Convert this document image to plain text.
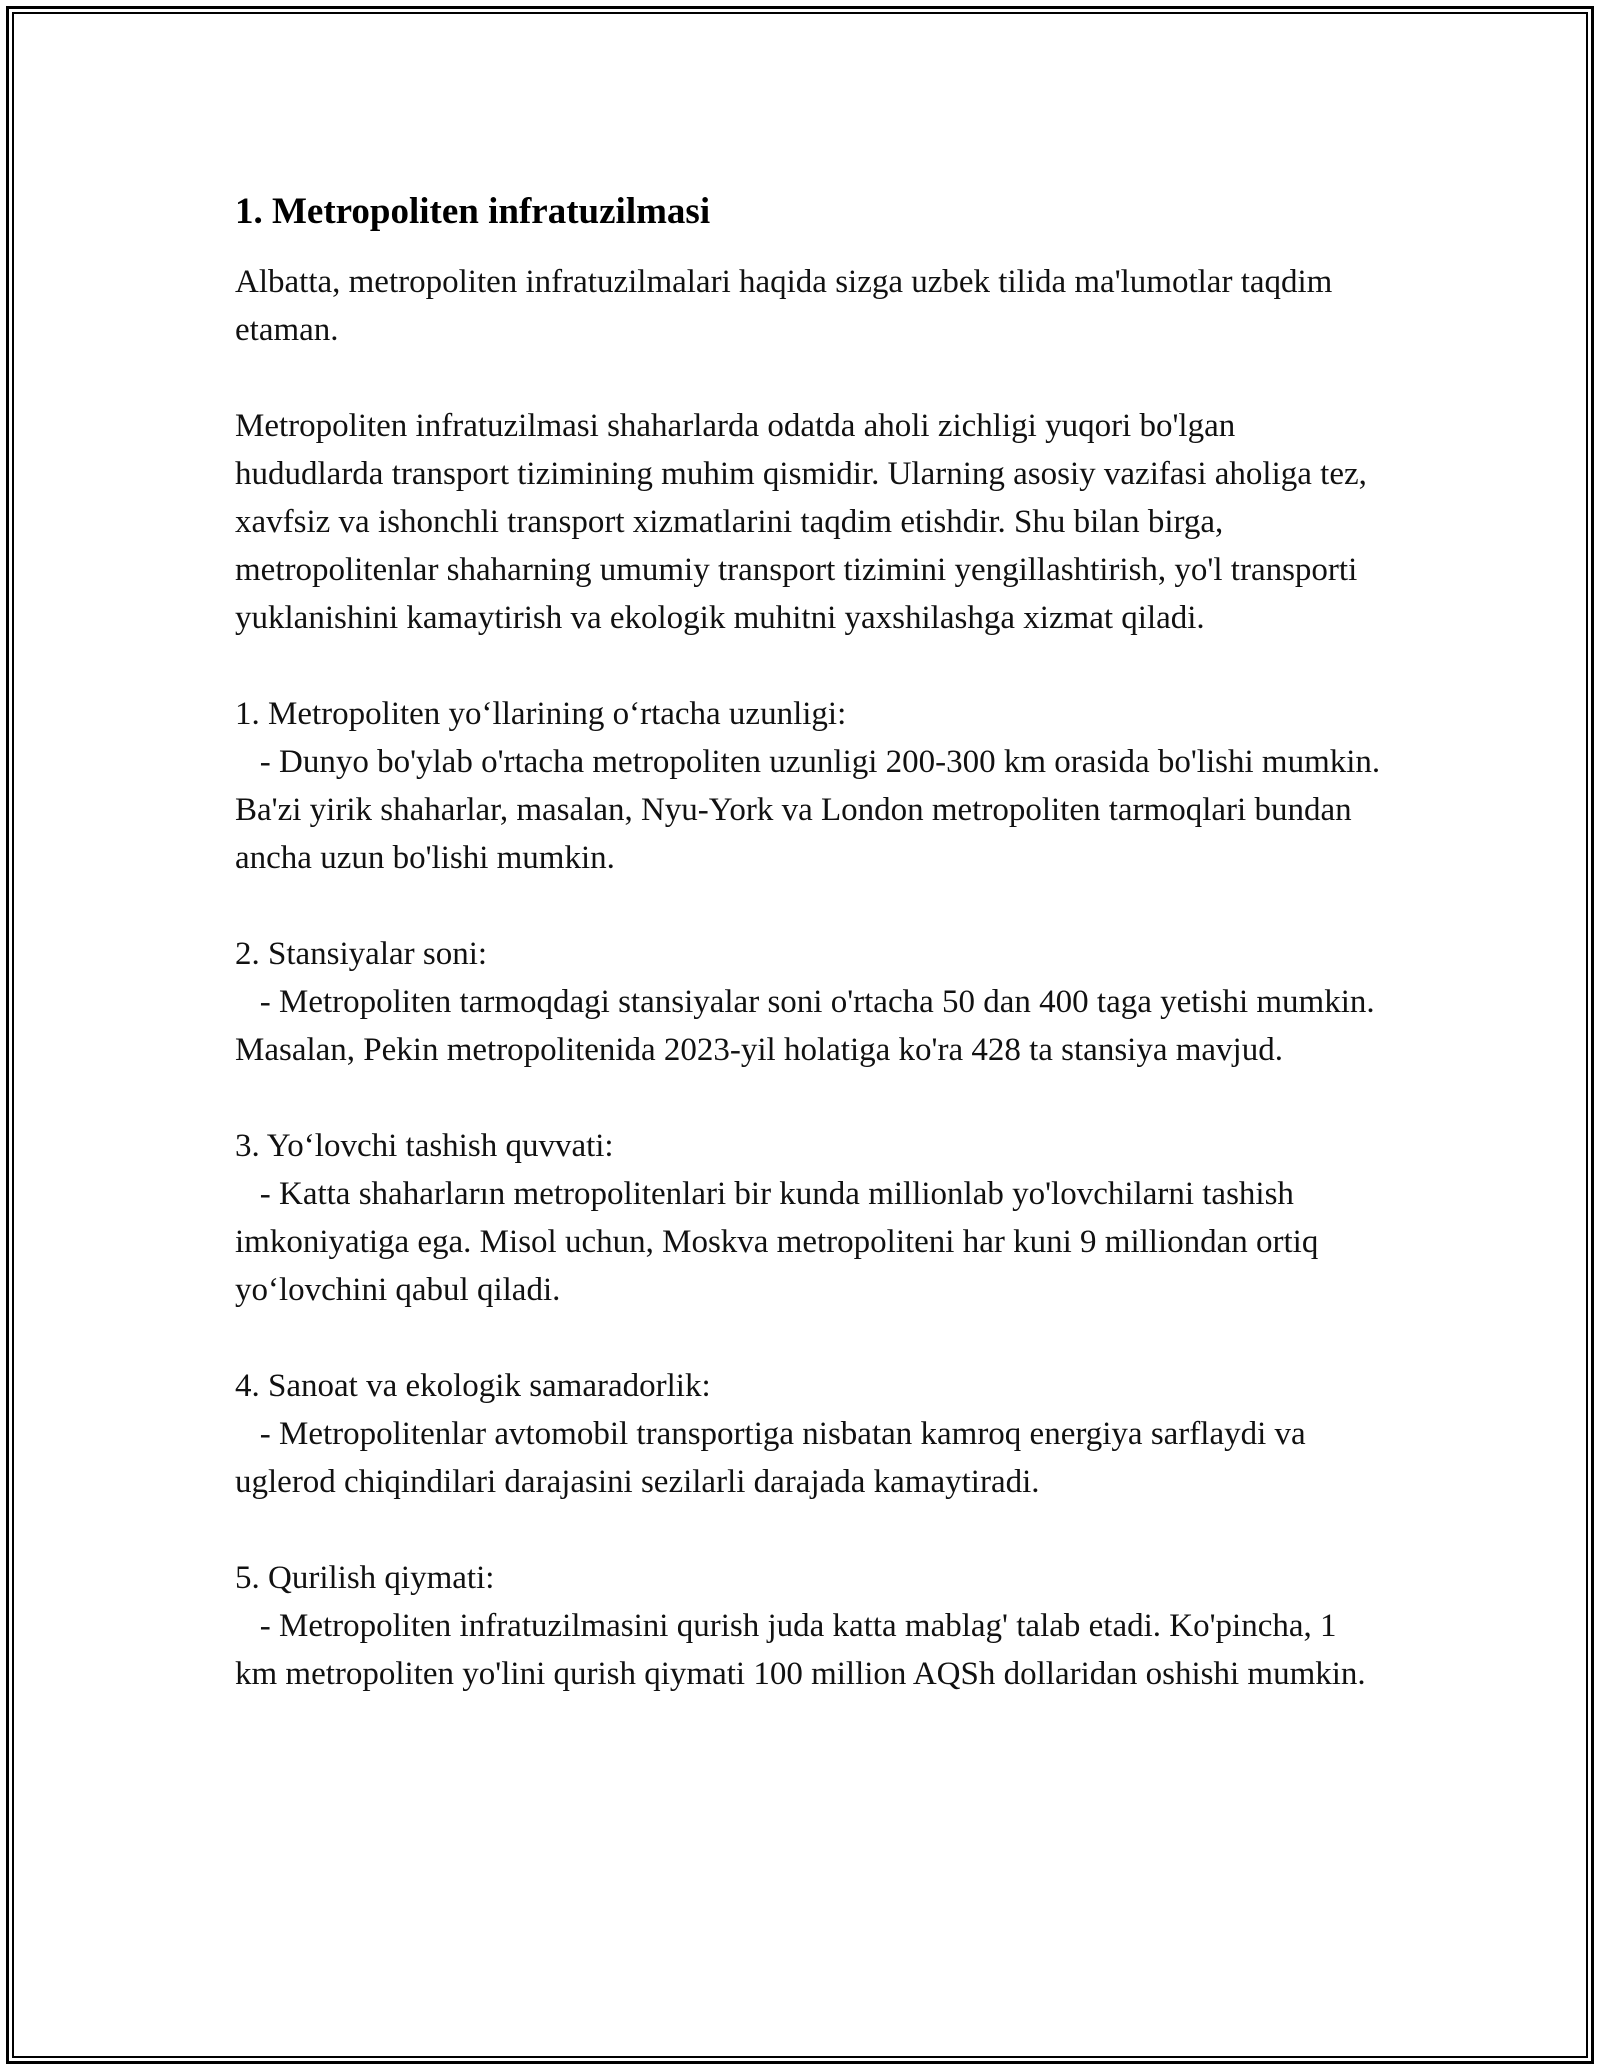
1. Metropoliten infratuzilmasi

Albatta, metropoliten infratuzilmalari haqida sizga uzbek tilida ma'lumotlar taqdim etaman.

Metropoliten infratuzilmasi shaharlarda odatda aholi zichligi yuqori bo'lgan hududlarda transport tizimining muhim qismidir. Ularning asosiy vazifasi aholiga tez, xavfsiz va ishonchli transport xizmatlarini taqdim etishdir. Shu bilan birga, metropolitenlar shaharning umumiy transport tizimini yengillashtirish, yo'l transporti yuklanishini kamaytirish va ekologik muhitni yaxshilashga xizmat qiladi.

1. Metropoliten yo‘llarining o‘rtacha uzunligi:

- Dunyo bo'ylab o'rtacha metropoliten uzunligi 200-300 km orasida bo'lishi mumkin. Ba'zi yirik shaharlar, masalan, Nyu-York va London metropoliten tarmoqlari bundan ancha uzun bo'lishi mumkin.

2. Stansiyalar soni:

- Metropoliten tarmoqdagi stansiyalar soni o'rtacha 50 dan 400 taga yetishi mumkin. Masalan, Pekin metropolitenida 2023-yil holatiga ko'ra 428 ta stansiya mavjud.

3. Yo‘lovchi tashish quvvati:

- Katta shaharların metropolitenlari bir kunda millionlab yo'lovchilarni tashish imkoniyatiga ega. Misol uchun, Moskva metropoliteni har kuni 9 milliondan ortiq yo‘lovchini qabul qiladi.

4. Sanoat va ekologik samaradorlik:

- Metropolitenlar avtomobil transportiga nisbatan kamroq energiya sarflaydi va uglerod chiqindilari darajasini sezilarli darajada kamaytiradi.

5. Qurilish qiymati:

- Metropoliten infratuzilmasini qurish juda katta mablag' talab etadi. Ko'pincha, 1 km metropoliten yo'lini qurish qiymati 100 million AQSh dollaridan oshishi mumkin.
